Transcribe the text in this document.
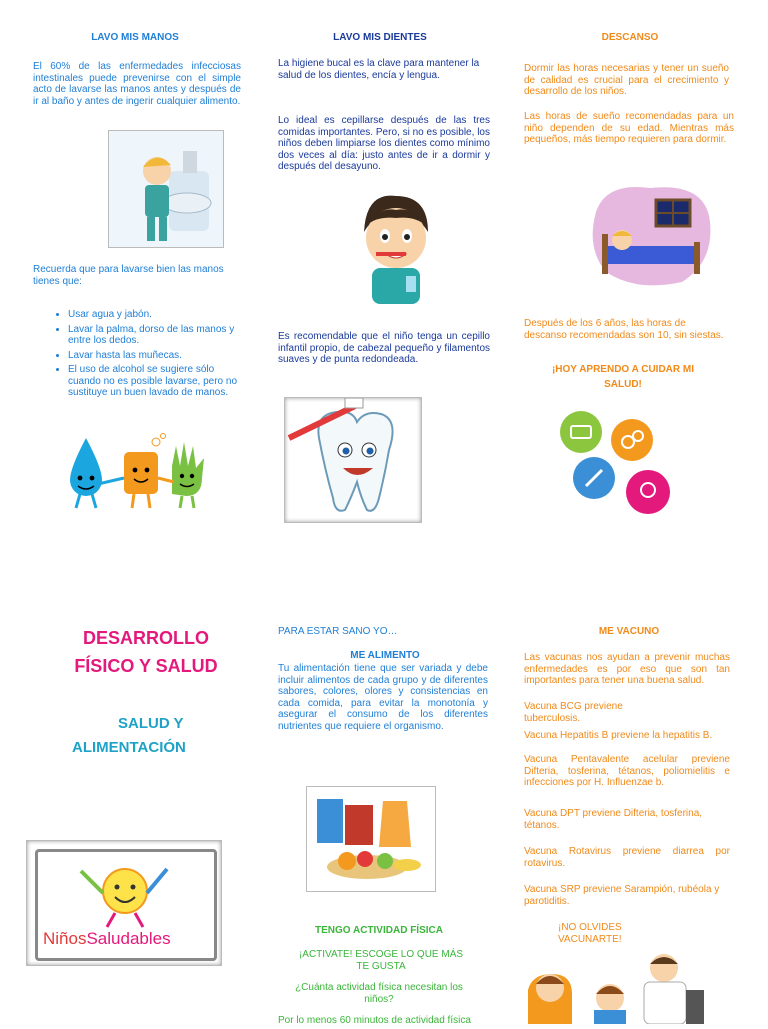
LAVO MIS MANOS
El 60% de las enfermedades infecciosas intestinales puede prevenirse con el simple acto de lavarse las manos antes y después de ir al baño y antes de ingerir cualquier alimento.
Recuerda que para lavarse bien las manos tienes que:
• Usar agua y jabón.
• Lavar la palma, dorso de las manos y entre los dedos.
• Lavar hasta las muñecas.
• El uso de alcohol se sugiere sólo cuando no es posible lavarse, pero no sustituye un buen lavado de manos.
LAVO MIS DIENTES
La higiene bucal es la clave para mantener la salud de los dientes, encía y lengua.
Lo ideal es cepillarse después de las tres comidas importantes. Pero, si no es posible, los niños deben limpiarse los dientes como mínimo dos veces al día: justo antes de ir a dormir y después del desayuno.
Es recomendable que el niño tenga un cepillo infantil propio, de cabezal pequeño y filamentos suaves y de punta redondeada.
DESCANSO
Dormir las horas necesarias y tener un sueño de calidad es crucial para el crecimiento y desarrollo de los niños.
Las horas de sueño recomendadas para un niño dependen de su edad. Mientras más pequeños, más tiempo requieren para dormir.
Después de los 6 años, las horas de descanso recomendadas son 10, sin siestas.
¡HOY APRENDO A CUIDAR MI SALUD!
DESARROLLO
FÍSICO Y SALUD
SALUD Y
ALIMENTACIÓN
NiñosSaludables
PARA ESTAR SANO YO…
ME ALIMENTO
Tu alimentación tiene que ser variada y debe incluir alimentos de cada grupo y de diferentes sabores, colores, olores y consistencias en cada comida, para evitar la monotonía y asegurar el consumo de los diferentes nutrientes que requiere el organismo.
TENGO ACTIVIDAD FÍSICA
¡ACTIVATE! ESCOGE LO QUE MÁS
TE GUSTA
¿Cuánta actividad física necesitan los niños?
Por lo menos 60 minutos de actividad física
ME VACUNO
Las vacunas nos ayudan a prevenir muchas enfermedades es por eso que son tan importantes para tener una buena salud.
Vacuna BCG previene tuberculosis.
Vacuna Hepatitis B previene la hepatitis B.
Vacuna Pentavalente acelular previene Difteria, tosferina, tétanos, poliomielitis e infecciones por H. Influenzae b.
Vacuna DPT previene Difteria, tosferina, tétanos.
Vacuna Rotavirus previene diarrea por rotavirus.
Vacuna SRP previene Sarampión, rubéola y parotiditis.
¡NO OLVIDES VACUNARTE!
